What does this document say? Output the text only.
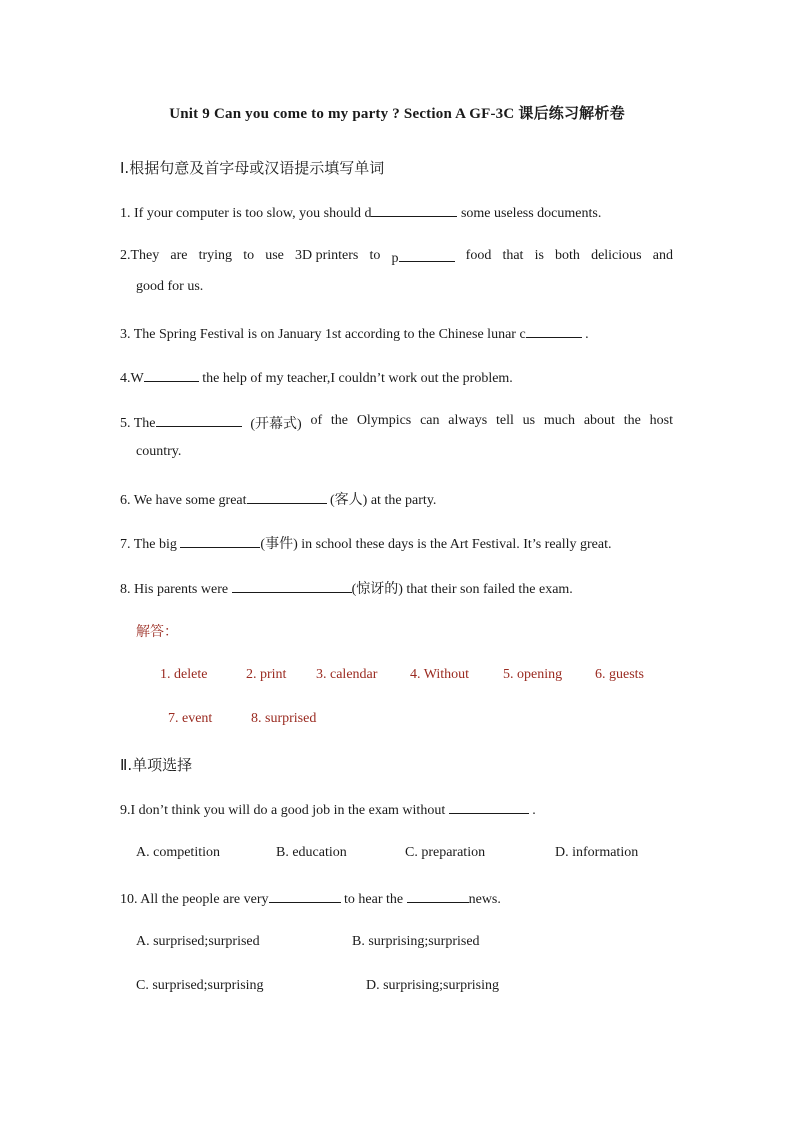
Unit 9 Can you come to my party ? Section A GF-3C 课后练习解析卷
Ⅰ.根据句意及首字母或汉语提示填写单词
1. If your computer is too slow, you should d	some useless documents.
2.They are trying to use 3D printers to p	food that is both delicious and
good for us.
3. The Spring Festival is on January 1st according to the Chinese lunar c	.
4.W	the help of my teacher,I couldn’t work out the problem.
5. The	(开幕式) of the Olympics can always tell us much about the host
country.
6. We have some great	(客人) at the party.
7. The big	(事件) in school these days is the Art Festival. It’s really great.
8. His parents were	(惊讶的) that their son failed the exam.
解答：
1. delete	2. print 3. calendar 4. Without 5. opening 6. guests
7. event	8. surprised
Ⅱ.单项选择
9.I don’t think you will do a good job in the exam without	.
A. competition	B. education	C. preparation	D. information
10. All the people are very	to hear the	news.
A. surprised;surprised	B. surprising;surprised
C. surprised;surprising	D. surprising;surprising
